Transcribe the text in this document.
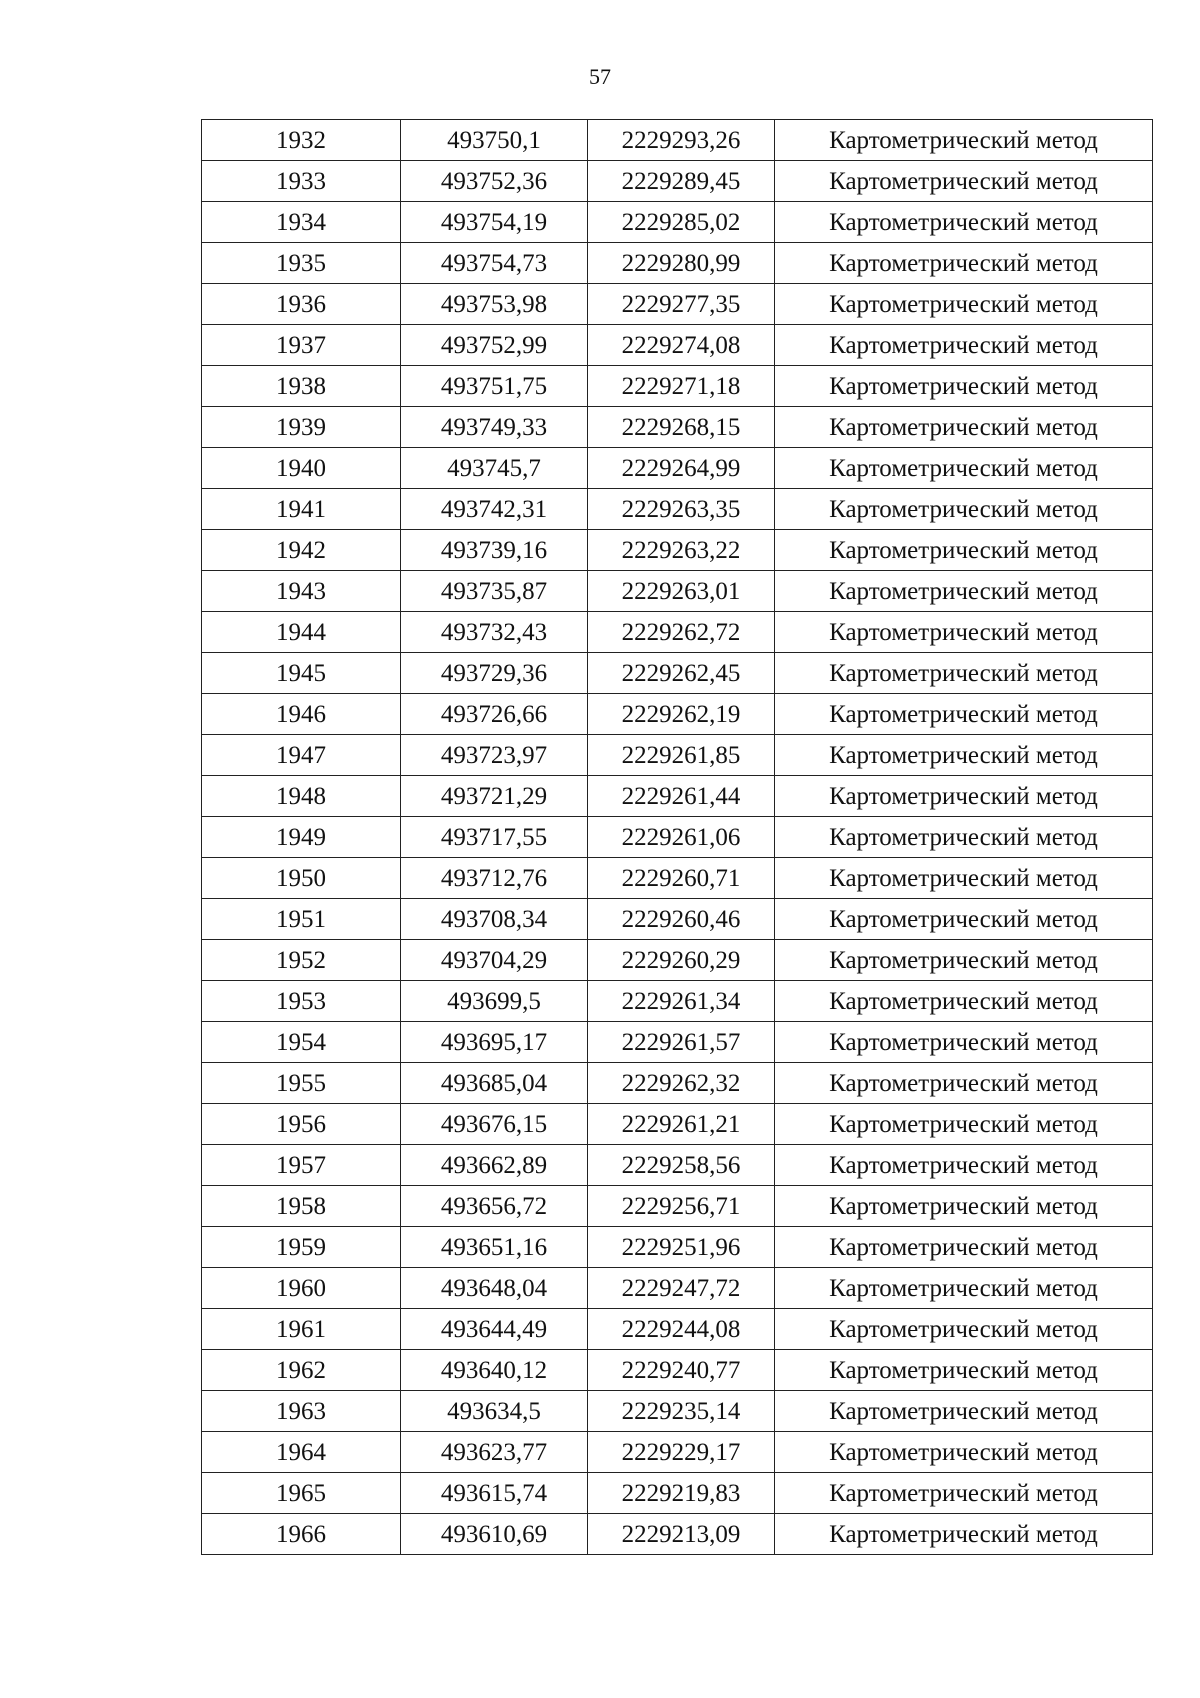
57
1932	493750,1	2229293,26	Картометрический метод
1933	493752,36	2229289,45	Картометрический метод
1934	493754,19	2229285,02	Картометрический метод
1935	493754,73	2229280,99	Картометрический метод
1936	493753,98	2229277,35	Картометрический метод
1937	493752,99	2229274,08	Картометрический метод
1938	493751,75	2229271,18	Картометрический метод
1939	493749,33	2229268,15	Картометрический метод
1940	493745,7	2229264,99	Картометрический метод
1941	493742,31	2229263,35	Картометрический метод
1942	493739,16	2229263,22	Картометрический метод
1943	493735,87	2229263,01	Картометрический метод
1944	493732,43	2229262,72	Картометрический метод
1945	493729,36	2229262,45	Картометрический метод
1946	493726,66	2229262,19	Картометрический метод
1947	493723,97	2229261,85	Картометрический метод
1948	493721,29	2229261,44	Картометрический метод
1949	493717,55	2229261,06	Картометрический метод
1950	493712,76	2229260,71	Картометрический метод
1951	493708,34	2229260,46	Картометрический метод
1952	493704,29	2229260,29	Картометрический метод
1953	493699,5	2229261,34	Картометрический метод
1954	493695,17	2229261,57	Картометрический метод
1955	493685,04	2229262,32	Картометрический метод
1956	493676,15	2229261,21	Картометрический метод
1957	493662,89	2229258,56	Картометрический метод
1958	493656,72	2229256,71	Картометрический метод
1959	493651,16	2229251,96	Картометрический метод
1960	493648,04	2229247,72	Картометрический метод
1961	493644,49	2229244,08	Картометрический метод
1962	493640,12	2229240,77	Картометрический метод
1963	493634,5	2229235,14	Картометрический метод
1964	493623,77	2229229,17	Картометрический метод
1965	493615,74	2229219,83	Картометрический метод
1966	493610,69	2229213,09	Картометрический метод
